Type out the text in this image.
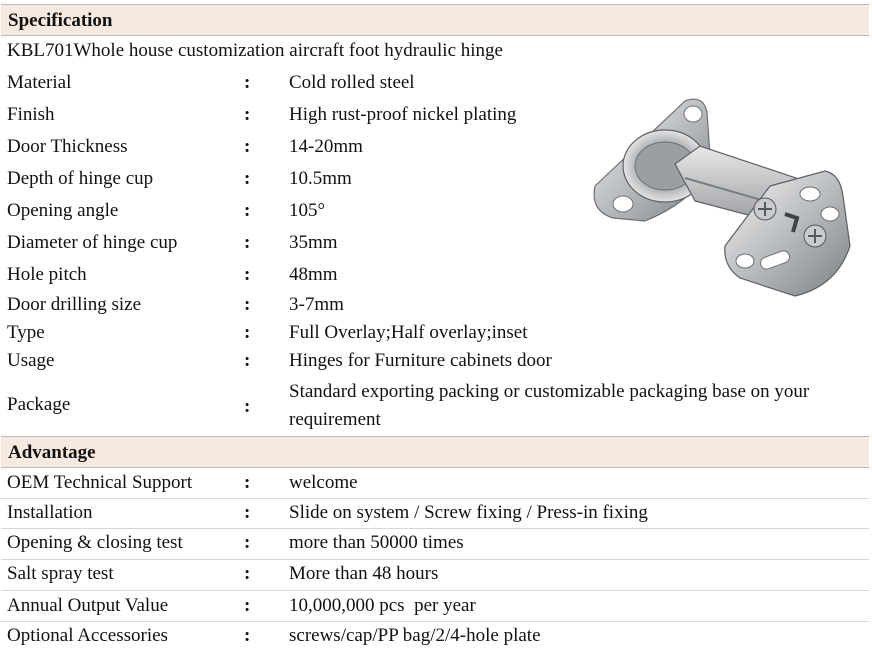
Specification
KBL701Whole house customization aircraft foot hydraulic hinge
Material	: Cold rolled steel
Finish	: High rust-proof nickel plating
Door Thickness	: 14-20mm
Depth of hinge cup	: 10.5mm
Opening angle	: 105°
Diameter of hinge cup	: 35mm
Hole pitch	: 48mm
Door drilling size	: 3-7mm
Type	: Full Overlay;Half overlay;inset
Usage	: Hinges for Furniture cabinets door
Package	:
Standard exporting packing or customizable packaging base on your requirement
Advantage
OEM Technical Support	: welcome
Installation	: Slide on system / Screw fixing / Press-in fixing
Opening & closing test	: more than 50000 times
Salt spray test	: More than 48 hours
Annual Output Value	: 10,000,000 pcs  per year
Optional Accessories	: screws/cap/PP bag/2/4-hole plate
